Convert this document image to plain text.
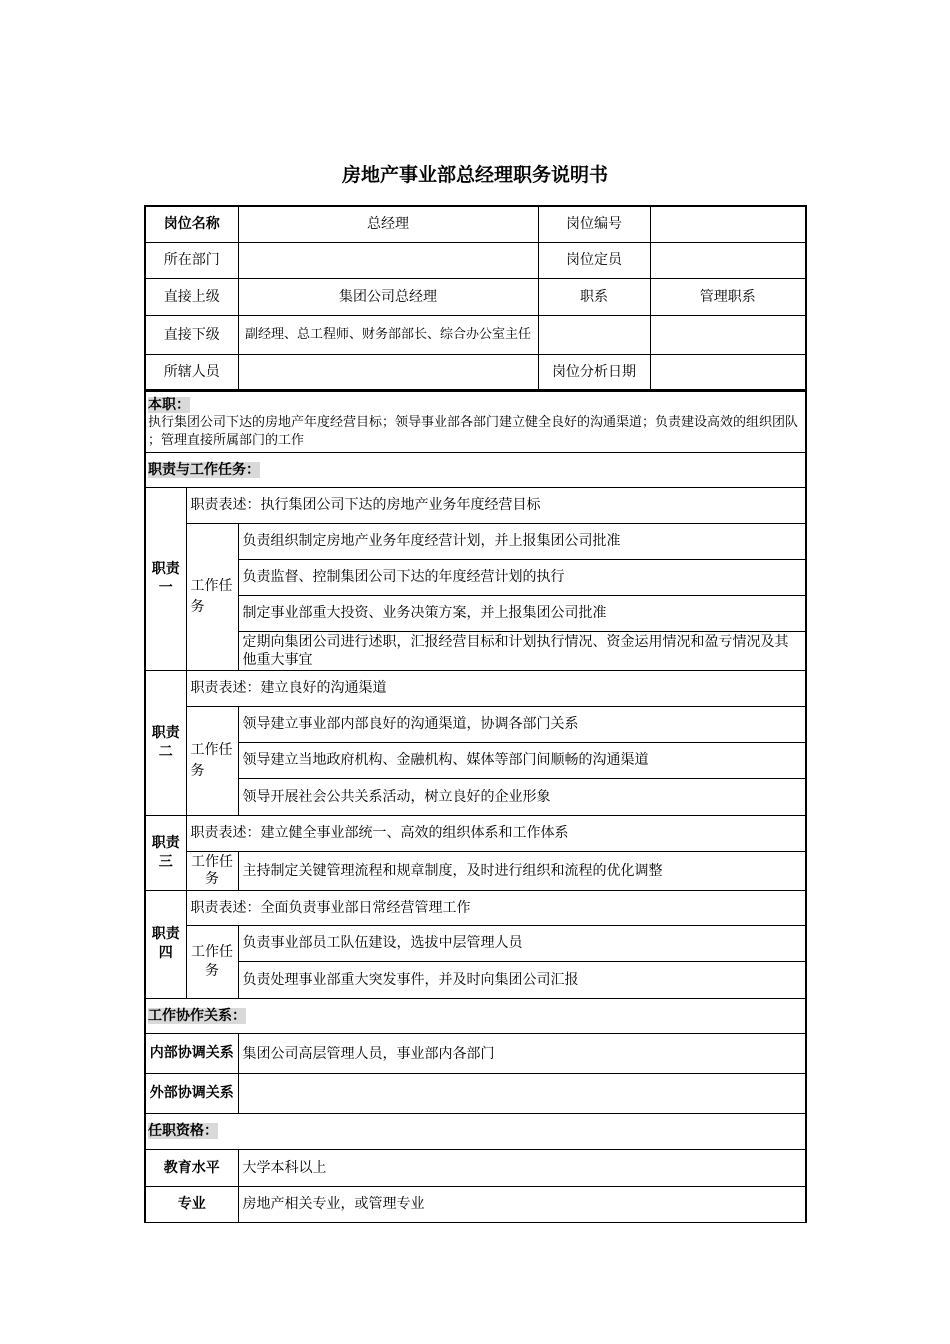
房地产事业部总经理职务说明书
岗位名称	总经理	岗位编号	
所在部门		岗位定员	
直接上级	集团公司总经理	职系	管理职系
直接下级	副经理、总工程师、财务部部长、综合办公室主任		
所辖人员		岗位分析日期	
本职：
执行集团公司下达的房地产年度经营目标；领导事业部各部门建立健全良好的沟通渠道；负责建设高效的组织团队 ；管理直接所属部门的工作
职责与工作任务：		
职责一	职责表述：执行集团公司下达的房地产业务年度经营目标	
	工作任务	负责组织制定房地产业务年度经营计划，并上报集团公司批准
		负责监督、控制集团公司下达的年度经营计划的执行
		制定事业部重大投资、业务决策方案，并上报集团公司批准
		定期向集团公司进行述职，汇报经营目标和计划执行情况、资金运用情况和盈亏情况及其他重大事宜
职责二	职责表述：建立良好的沟通渠道	
	工作任务	领导建立事业部内部良好的沟通渠道，协调各部门关系
		领导建立当地政府机构、金融机构、媒体等部门间顺畅的沟通渠道
		领导开展社会公共关系活动，树立良好的企业形象
职责三	职责表述：建立健全事业部统一、高效的组织体系和工作体系	
	工作任务	主持制定关键管理流程和规章制度，及时进行组织和流程的优化调整
职责四	职责表述：全面负责事业部日常经营管理工作	
	工作任务	负责事业部员工队伍建设，选拔中层管理人员
		负责处理事业部重大突发事件，并及时向集团公司汇报
工作协作关系：	
内部协调关系	集团公司高层管理人员，事业部内各部门
外部协调关系	
任职资格：	
教育水平	大学本科以上
专业	房地产相关专业，或管理专业
